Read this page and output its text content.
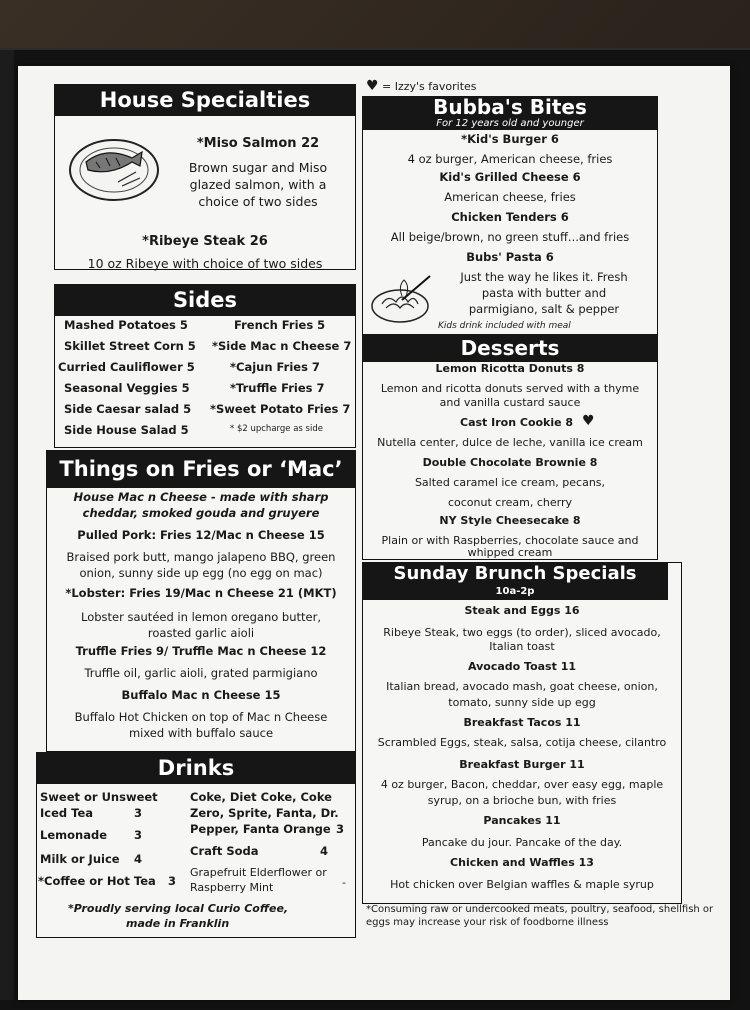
♥ = Izzy's favorites
House Specialties
*Miso Salmon 22
Brown sugar and Miso
glazed salmon, with a
choice of two sides
*Ribeye Steak 26
10 oz Ribeye with choice of two sides
Sides
Mashed Potatoes 5
Skillet Street Corn 5
Curried Cauliflower 5
Seasonal Veggies 5
Side Caesar salad 5
Side House Salad 5
French Fries 5
*Side Mac n Cheese 7
*Cajun Fries 7
*Truffle Fries 7
*Sweet Potato Fries 7
* $2 upcharge as side
Things on Fries or ‘Mac’
House Mac n Cheese - made with sharp
cheddar, smoked gouda and gruyere
Pulled Pork: Fries 12/Mac n Cheese 15
Braised pork butt, mango jalapeno BBQ, green
onion, sunny side up egg (no egg on mac)
*Lobster: Fries 19/Mac n Cheese 21 (MKT)
Lobster sautéed in lemon oregano butter,
roasted garlic aioli
Truffle Fries 9/ Truffle Mac n Cheese 12
Truffle oil, garlic aioli, grated parmigiano
Buffalo Mac n Cheese 15
Buffalo Hot Chicken on top of Mac n Cheese
mixed with buffalo sauce
Drinks
Sweet or Unsweet
Iced Tea	3
Lemonade 3
Milk or Juice 4
*Coffee or Hot Tea 3
Coke, Diet Coke, Coke
Zero, Sprite, Fanta, Dr.
Pepper, Fanta Orange 3
Craft Soda	4
Grapefruit Elderflower or
Raspberry Mint	-
*Proudly serving local Curio Coffee,
made in Franklin
Bubba's Bites
For 12 years old and younger
*Kid's Burger 6
4 oz burger, American cheese, fries
Kid's Grilled Cheese 6
American cheese, fries
Chicken Tenders 6
All beige/brown, no green stuff...and fries
Bubs' Pasta 6
Just the way he likes it. Fresh
pasta with butter and
parmigiano, salt & pepper
Kids drink included with meal
Desserts
Lemon Ricotta Donuts 8
Lemon and ricotta donuts served with a thyme
and vanilla custard sauce
Cast Iron Cookie 8 ♥
Nutella center, dulce de leche, vanilla ice cream
Double Chocolate Brownie 8
Salted caramel ice cream, pecans,
coconut cream, cherry
NY Style Cheesecake 8
Plain or with Raspberries, chocolate sauce and
whipped cream
Sunday Brunch Specials
10a-2p
Steak and Eggs 16
Ribeye Steak, two eggs (to order), sliced avocado,
Italian toast
Avocado Toast 11
Italian bread, avocado mash, goat cheese, onion,
tomato, sunny side up egg
Breakfast Tacos 11
Scrambled Eggs, steak, salsa, cotija cheese, cilantro
Breakfast Burger 11
4 oz burger, Bacon, cheddar, over easy egg, maple
syrup, on a brioche bun, with fries
Pancakes 11
Pancake du jour. Pancake of the day.
Chicken and Waffles 13
Hot chicken over Belgian waffles & maple syrup
*Consuming raw or undercooked meats, poultry, seafood, shellfish or
eggs may increase your risk of foodborne illness
